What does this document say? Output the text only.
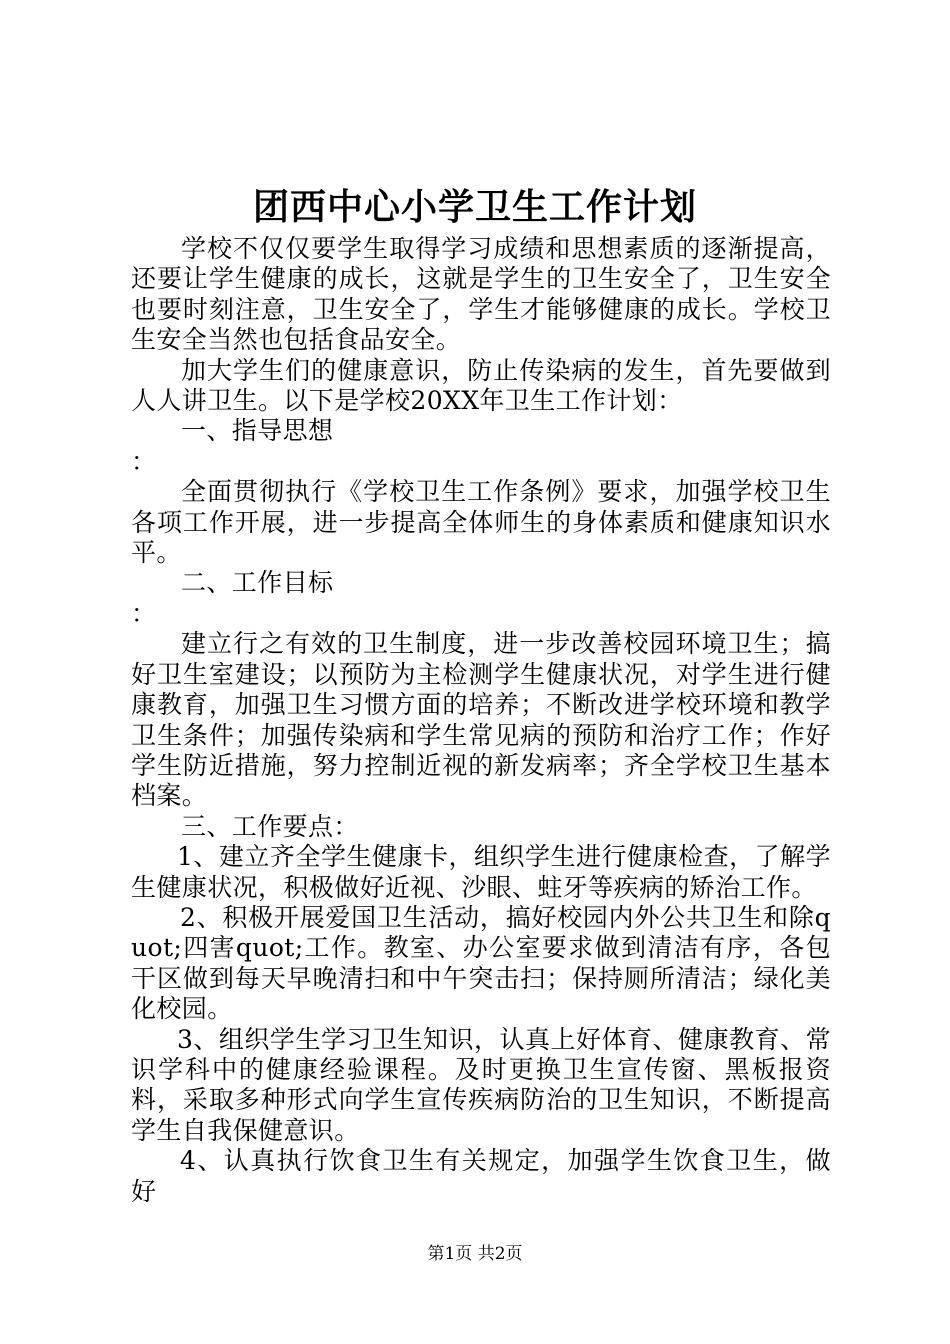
团西中心小学卫生工作计划

学校不仅仅要学生取得学习成绩和思想素质的逐渐提高，还要让学生健康的成长，这就是学生的卫生安全了，卫生安全也要时刻注意，卫生安全了，学生才能够健康的成长。学校卫生安全当然也包括食品安全。

加大学生们的健康意识，防止传染病的发生，首先要做到人人讲卫生。以下是学校20XX年卫生工作计划：

一、指导思想

：

全面贯彻执行《学校卫生工作条例》要求，加强学校卫生各项工作开展，进一步提高全体师生的身体素质和健康知识水平。

二、工作目标

：

建立行之有效的卫生制度，进一步改善校园环境卫生；搞好卫生室建设；以预防为主检测学生健康状况，对学生进行健康教育，加强卫生习惯方面的培养；不断改进学校环境和教学卫生条件；加强传染病和学生常见病的预防和治疗工作；作好学生防近措施，努力控制近视的新发病率；齐全学校卫生基本档案。

三、工作要点：

1、建立齐全学生健康卡，组织学生进行健康检查，了解学生健康状况，积极做好近视、沙眼、蛀牙等疾病的矫治工作。

2、积极开展爱国卫生活动，搞好校园内外公共卫生和除quot;四害quot;工作。教室、办公室要求做到清洁有序，各包干区做到每天早晚清扫和中午突击扫；保持厕所清洁；绿化美化校园。

3、组织学生学习卫生知识，认真上好体育、健康教育、常识学科中的健康经验课程。及时更换卫生宣传窗、黑板报资料，采取多种形式向学生宣传疾病防治的卫生知识，不断提高学生自我保健意识。

4、认真执行饮食卫生有关规定，加强学生饮食卫生，做好

第1页 共2页
